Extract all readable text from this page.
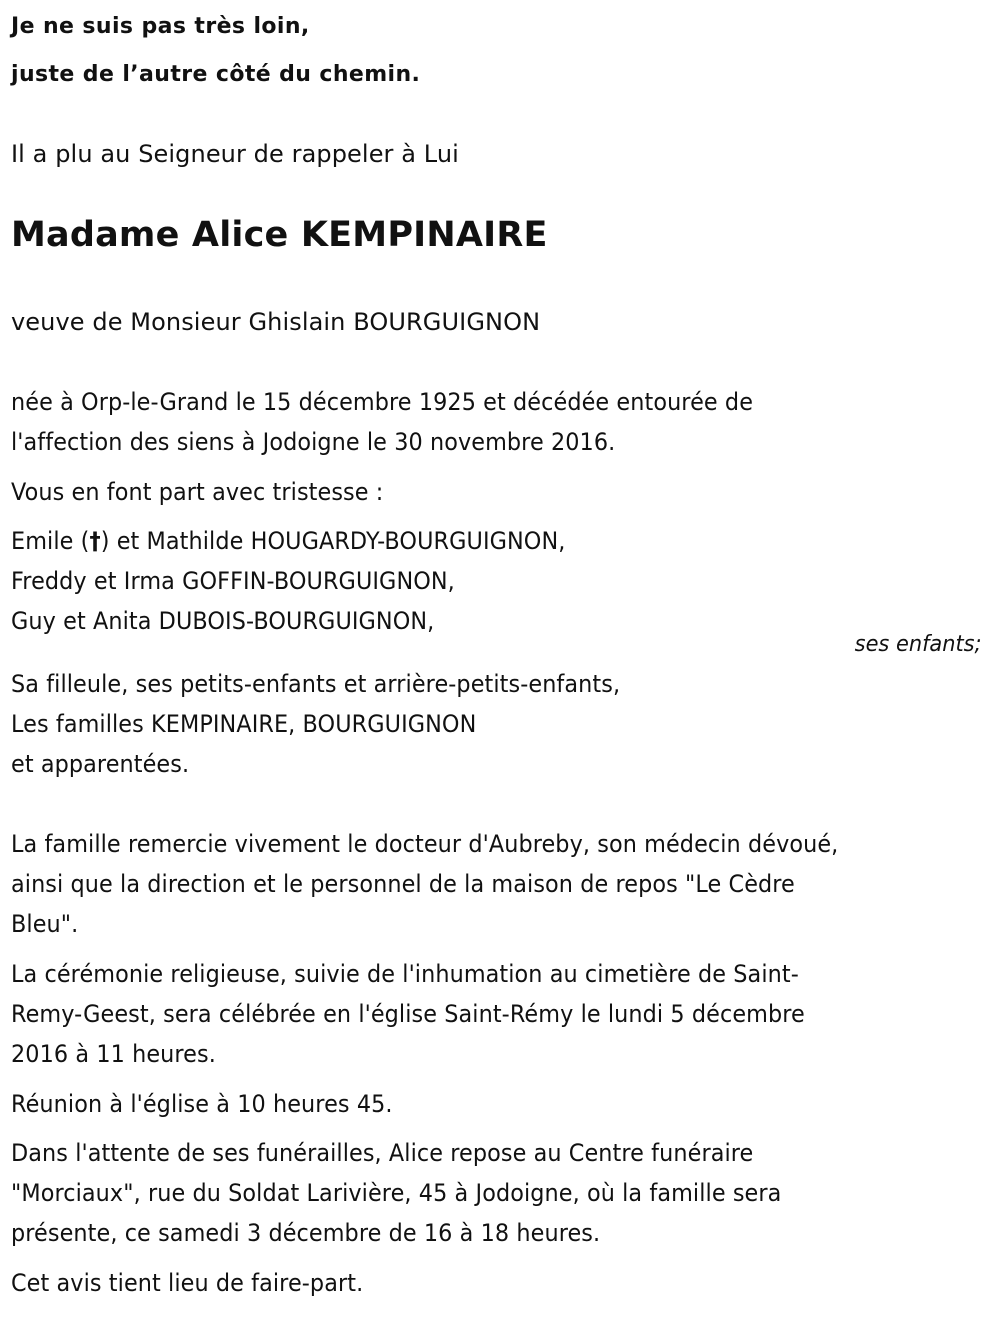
Je ne suis pas très loin,
juste de l’autre côté du chemin.
Il a plu au Seigneur de rappeler à Lui
Madame Alice KEMPINAIRE
veuve de Monsieur Ghislain BOURGUIGNON
née à Orp-le-Grand le 15 décembre 1925 et décédée entourée de
l'affection des siens à Jodoigne le 30 novembre 2016.
Vous en font part avec tristesse :
Emile (†) et Mathilde HOUGARDY-BOURGUIGNON,
Freddy et Irma GOFFIN-BOURGUIGNON,
Guy et Anita DUBOIS-BOURGUIGNON,
ses enfants;
Sa filleule, ses petits-enfants et arrière-petits-enfants,
Les familles KEMPINAIRE, BOURGUIGNON
et apparentées.
La famille remercie vivement le docteur d'Aubreby, son médecin dévoué,
ainsi que la direction et le personnel de la maison de repos "Le Cèdre
Bleu".
La cérémonie religieuse, suivie de l'inhumation au cimetière de Saint-
Remy-Geest, sera célébrée en l'église Saint-Rémy le lundi 5 décembre
2016 à 11 heures.
Réunion à l'église à 10 heures 45.
Dans l'attente de ses funérailles, Alice repose au Centre funéraire
"Morciaux", rue du Soldat Larivière, 45 à Jodoigne, où la famille sera
présente, ce samedi 3 décembre de 16 à 18 heures.
Cet avis tient lieu de faire-part.
